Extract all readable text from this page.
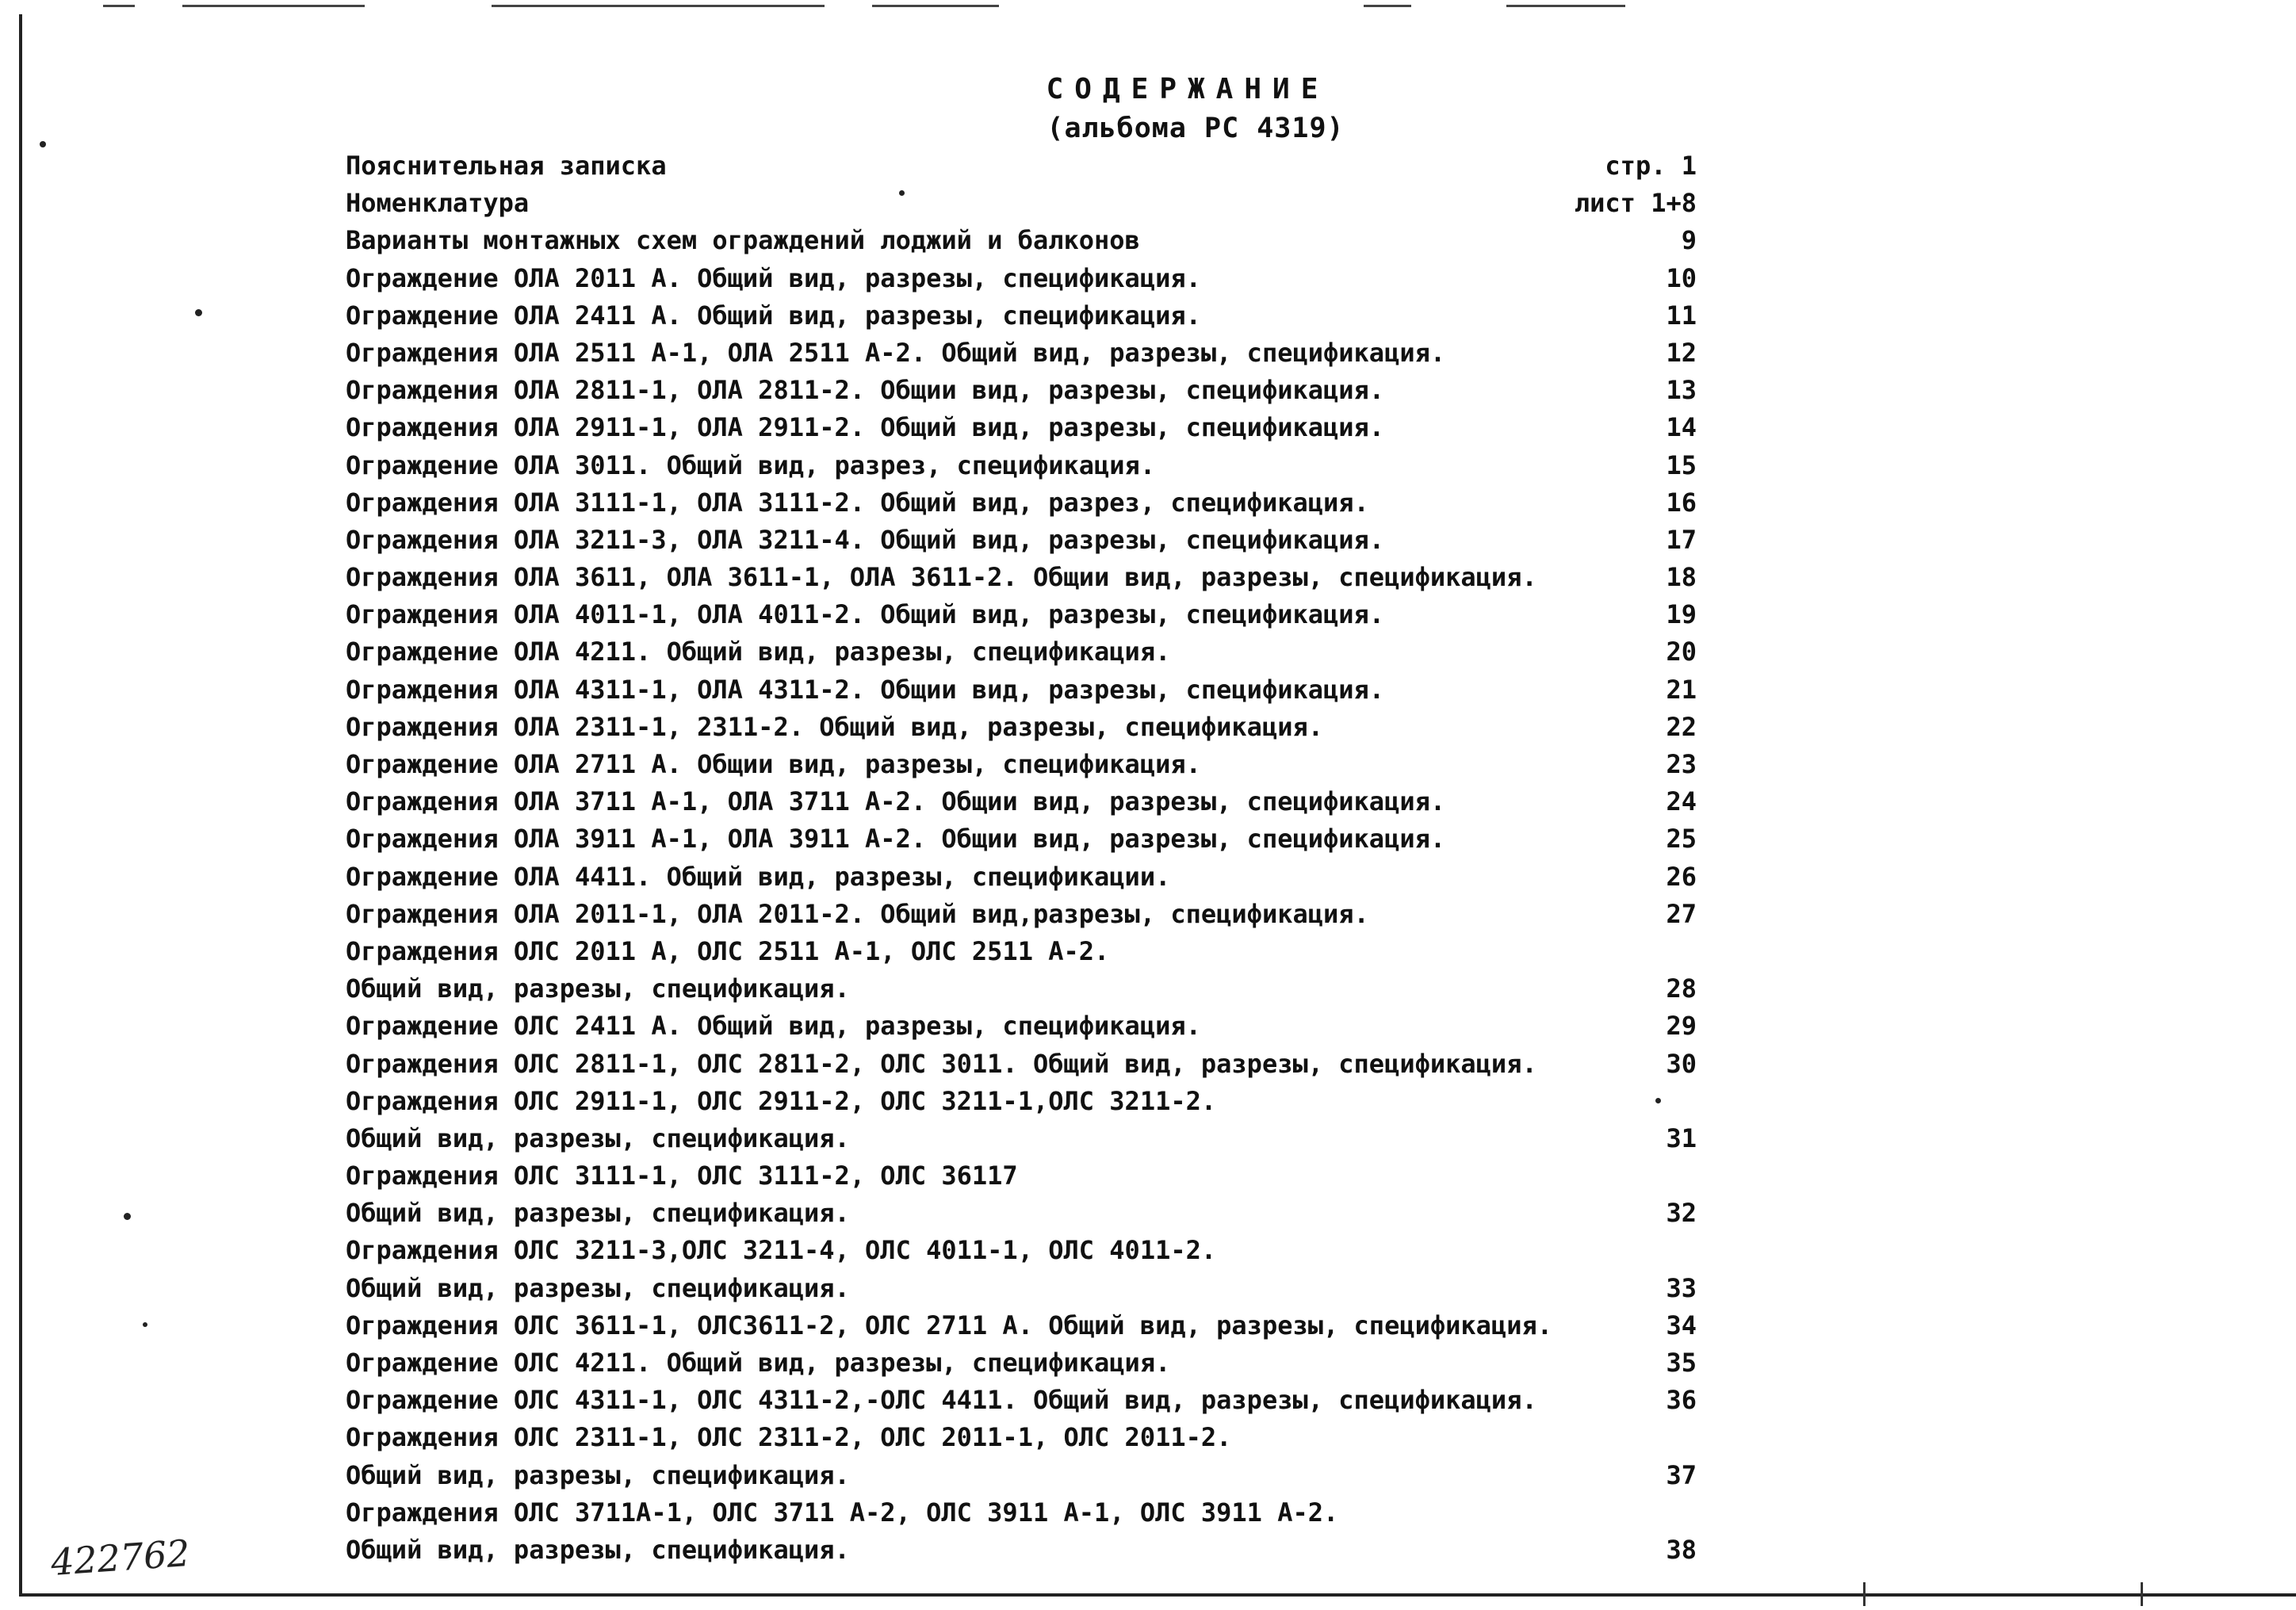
СОДЕРЖАНИЕ
(альбома РС 4319)
Пояснительная записка	стр. 1
Номенклатура	лист 1+8
Варианты монтажных схем ограждений лоджий и балконов	9
Ограждение ОЛА 2011 А. Общий вид, разрезы, спецификация.	10
Ограждение ОЛА 2411 А. Общий вид, разрезы, спецификация.	11
Ограждения ОЛА 2511 А-1, ОЛА 2511 А-2. Общий вид, разрезы, спецификация.	12
Ограждения ОЛА 2811-1, ОЛА 2811-2. Общии вид, разрезы, спецификация.	13
Ограждения ОЛА 2911-1, ОЛА 2911-2. Общий вид, разрезы, спецификация.	14
Ограждение ОЛА 3011. Общий вид, разрез, спецификация.	15
Ограждения ОЛА 3111-1, ОЛА 3111-2. Общий вид, разрез, спецификация.	16
Ограждения ОЛА 3211-3, ОЛА 3211-4. Общий вид, разрезы, спецификация.	17
Ограждения ОЛА 3611, ОЛА 3611-1, ОЛА 3611-2. Общии вид, разрезы, спецификация.	18
Ограждения ОЛА 4011-1, ОЛА 4011-2. Общий вид, разрезы, спецификация.	19
Ограждение ОЛА 4211. Общий вид, разрезы, спецификация.	20
Ограждения ОЛА 4311-1, ОЛА 4311-2. Общии вид, разрезы, спецификация.	21
Ограждения ОЛА 2311-1, 2311-2. Общий вид, разрезы, спецификация.	22
Ограждение ОЛА 2711 А. Общии вид, разрезы, спецификация.	23
Ограждения ОЛА 3711 А-1, ОЛА 3711 А-2. Общии вид, разрезы, спецификация.	24
Ограждения ОЛА 3911 А-1, ОЛА 3911 А-2. Общии вид, разрезы, спецификация.	25
Ограждение ОЛА 4411. Общий вид, разрезы, спецификации.	26
Ограждения ОЛА 2011-1, ОЛА 2011-2. Общий вид,разрезы, спецификация.	27
Ограждения ОЛС 2011 А, ОЛС 2511 А-1, ОЛС 2511 А-2.
Общий вид, разрезы, спецификация.	28
Ограждение ОЛС 2411 А. Общий вид, разрезы, спецификация.	29
Ограждения ОЛС 2811-1, ОЛС 2811-2, ОЛС 3011. Общий вид, разрезы, спецификация.	30
Ограждения ОЛС 2911-1, ОЛС 2911-2, ОЛС 3211-1,ОЛС 3211-2.
Общий вид, разрезы, спецификация.	31
Ограждения ОЛС 3111-1, ОЛС 3111-2, ОЛС 36117
Общий вид, разрезы, спецификация.	32
Ограждения ОЛС 3211-3,ОЛС 3211-4, ОЛС 4011-1, ОЛС 4011-2.
Общий вид, разрезы, спецификация.	33
Ограждения ОЛС 3611-1, ОЛС3611-2, ОЛС 2711 А. Общий вид, разрезы, спецификация.	34
Ограждение ОЛС 4211. Общий вид, разрезы, спецификация.	35
Ограждение ОЛС 4311-1, ОЛС 4311-2,-ОЛС 4411. Общий вид, разрезы, спецификация.	36
Ограждения ОЛС 2311-1, ОЛС 2311-2, ОЛС 2011-1, ОЛС 2011-2.
Общий вид, разрезы, спецификация.	37
Ограждения ОЛС 3711А-1, ОЛС 3711 А-2, ОЛС 3911 А-1, ОЛС 3911 А-2.
Общий вид, разрезы, спецификация.	38
422762
